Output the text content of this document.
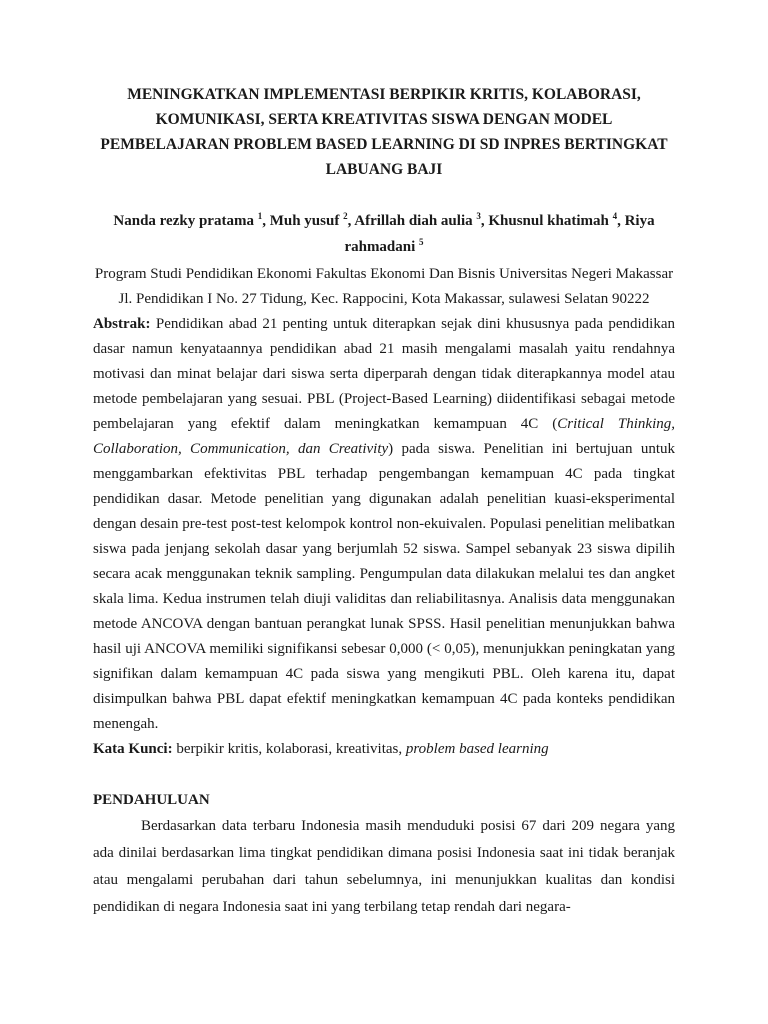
MENINGKATKAN IMPLEMENTASI BERPIKIR KRITIS, KOLABORASI, KOMUNIKASI, SERTA KREATIVITAS SISWA DENGAN MODEL PEMBELAJARAN PROBLEM BASED LEARNING DI SD INPRES BERTINGKAT LABUANG BAJI
Nanda rezky pratama $^1$, Muh yusuf $^2$, Afrillah diah aulia $^3$, Khusnul khatimah $^4$, Riya rahmadani $^5$
Program Studi Pendidikan Ekonomi Fakultas Ekonomi Dan Bisnis Universitas Negeri Makassar Jl. Pendidikan I No. 27 Tidung, Kec. Rappocini, Kota Makassar, sulawesi Selatan 90222
Abstrak: Pendidikan abad 21 penting untuk diterapkan sejak dini khususnya pada pendidikan dasar namun kenyataannya pendidikan abad 21 masih mengalami masalah yaitu rendahnya motivasi dan minat belajar dari siswa serta diperparah dengan tidak diterapkannya model atau metode pembelajaran yang sesuai. PBL (Project-Based Learning) diidentifikasi sebagai metode pembelajaran yang efektif dalam meningkatkan kemampuan 4C (Critical Thinking, Collaboration, Communication, dan Creativity) pada siswa. Penelitian ini bertujuan untuk menggambarkan efektivitas PBL terhadap pengembangan kemampuan 4C pada tingkat pendidikan dasar. Metode penelitian yang digunakan adalah penelitian kuasi-eksperimental dengan desain pre-test post-test kelompok kontrol non-ekuivalen. Populasi penelitian melibatkan siswa pada jenjang sekolah dasar yang berjumlah 52 siswa. Sampel sebanyak 23 siswa dipilih secara acak menggunakan teknik sampling. Pengumpulan data dilakukan melalui tes dan angket skala lima. Kedua instrumen telah diuji validitas dan reliabilitasnya. Analisis data menggunakan metode ANCOVA dengan bantuan perangkat lunak SPSS. Hasil penelitian menunjukkan bahwa hasil uji ANCOVA memiliki signifikansi sebesar 0,000 (< 0,05), menunjukkan peningkatan yang signifikan dalam kemampuan 4C pada siswa yang mengikuti PBL. Oleh karena itu, dapat disimpulkan bahwa PBL dapat efektif meningkatkan kemampuan 4C pada konteks pendidikan menengah.
Kata Kunci: berpikir kritis, kolaborasi, kreativitas, problem based learning
PENDAHULUAN

Berdasarkan data terbaru Indonesia masih menduduki posisi 67 dari 209 negara yang ada dinilai berdasarkan lima tingkat pendidikan dimana posisi Indonesia saat ini tidak beranjak atau mengalami perubahan dari tahun sebelumnya, ini menunjukkan kualitas dan kondisi pendidikan di negara Indonesia saat ini yang terbilang tetap rendah dari negara-
